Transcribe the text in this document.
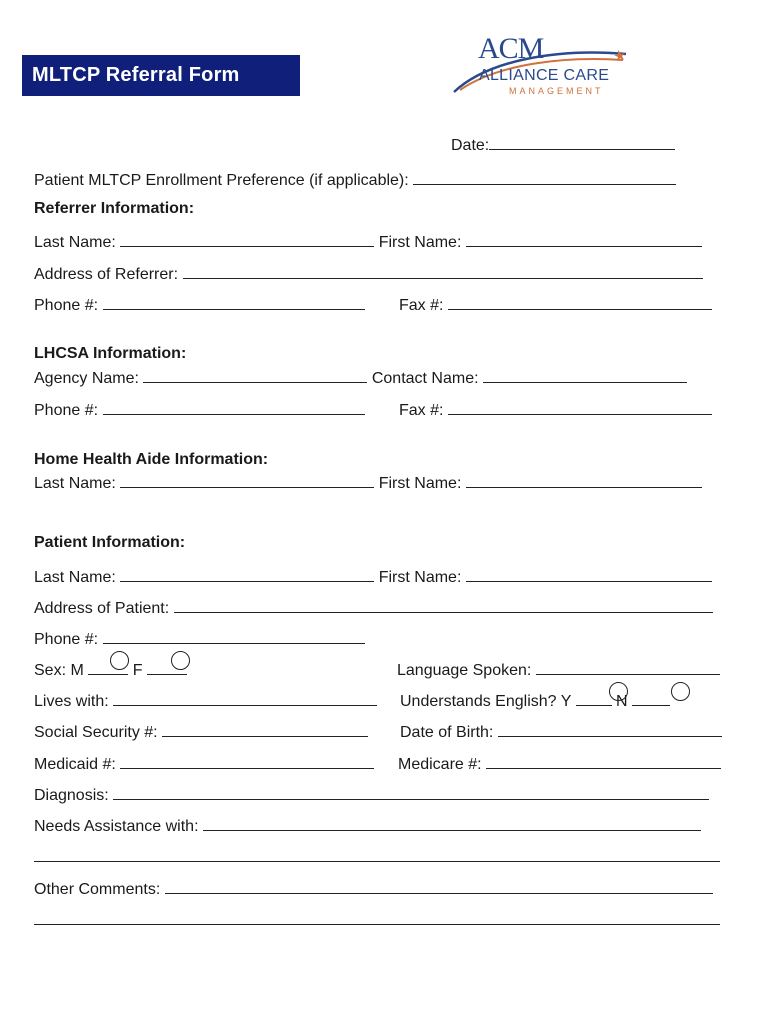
MLTCP Referral Form
ACM
ALLIANCE CARE
MANAGEMENT
Date:
Patient MLTCP Enrollment Preference (if applicable):
Referrer Information:
Last Name:	First Name:
Address of Referrer:
Phone #:	Fax #:
LHCSA Information:
Agency Name:	Contact Name:
Phone #:	Fax #:
Home Health Aide Information:
Last Name:	First Name:
Patient Information:
Last Name:	First Name:
Address of Patient:
Phone #:
Sex: M	F	Language Spoken:
Lives with:	Understands English? Y	N
Social Security #:	Date of Birth:
Medicaid #:	Medicare #:
Diagnosis:
Needs Assistance with:
Other Comments:
